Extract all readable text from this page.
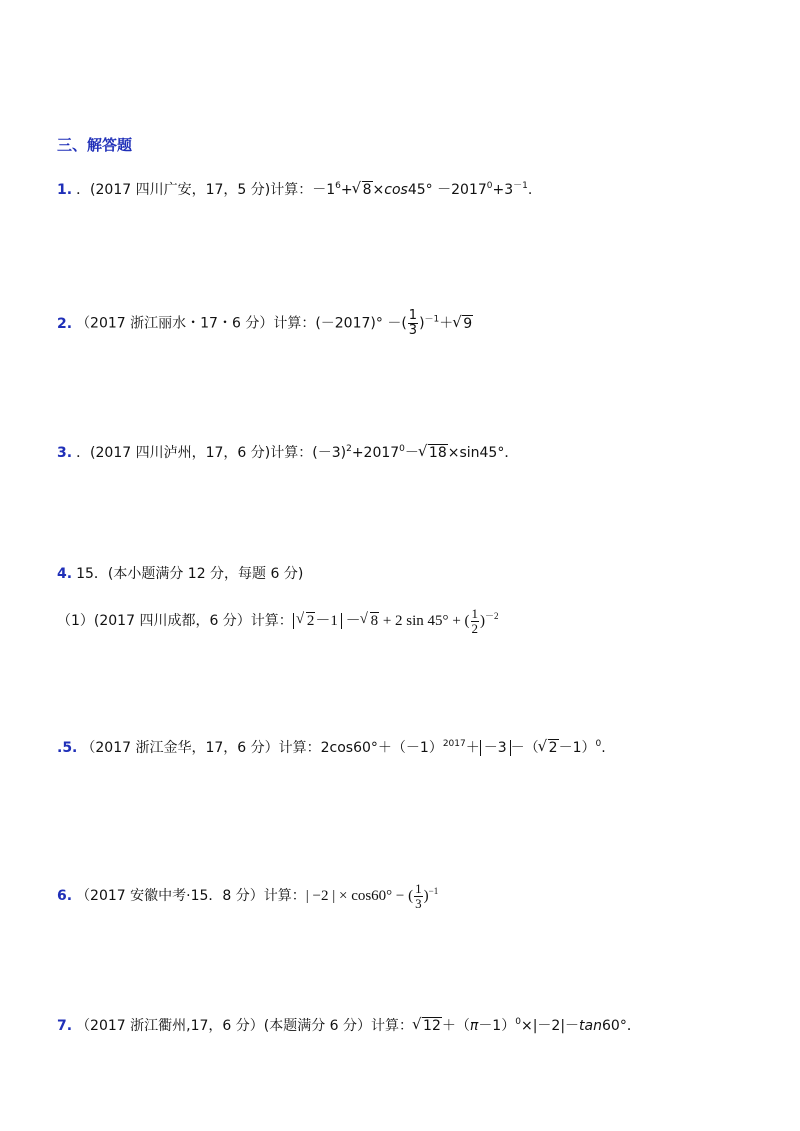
三、解答题
1. ．(2017 四川广安，17，5 分)计算：$-1^6+√$ $8\times\cos 45^\circ -2017^0+3^{-1}$.
2. （2017 浙江丽水・17・6 分）计算：(－2017)° －( $\frac{1}{3} )^{-1}+√$ 9
3. ．(2017 四川泸州，17，6 分)计算：$(-3)^2+2017^0-√$ 18×sin45°．
4. 15．(本小题满分 12 分，每题 6 分)
（1）(2017 四川成都，6 分）计算：√ 2－1 －√ 8 + 2 sin 45° + ( $\frac{1}{2} )^{-2}$
.5. （2017 浙江金华，17，6 分）计算：$2\cos 60^\circ+(-1)^{2017}+ -3$ －（√ 2－1）$^0$.
6. （2017 安徽中考·15．8 分）计算：| −2 | × cos60° − ( $\frac{1}{3} )^{-1}$
7. （2017 浙江衢州,17，6 分）(本题满分 6 分）计算：√ $12+(\pi-1)^0\times|-2|-\tan 60^\circ$．
